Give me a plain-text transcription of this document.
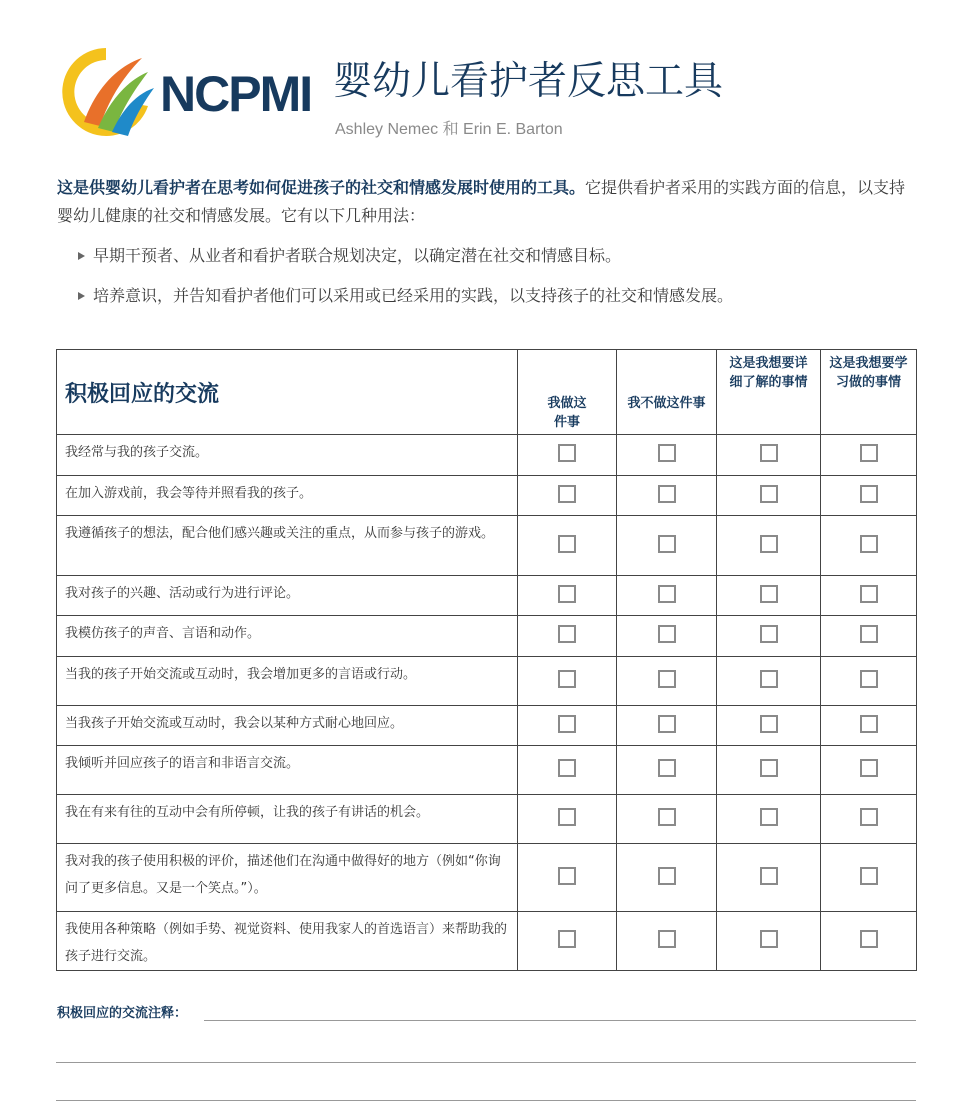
NCPMI 婴幼儿看护者反思工具
Ashley Nemec 和 Erin E. Barton
这是供婴幼儿看护者在思考如何促进孩子的社交和情感发展时使用的工具。它提供看护者采用的实践方面的信息，以支持婴幼儿健康的社交和情感发展。它有以下几种用法：
早期干预者、从业者和看护者联合规划决定，以确定潜在社交和情感目标。
培养意识，并告知看护者他们可以采用或已经采用的实践，以支持孩子的社交和情感发展。
积极回应的交流	我做这件事	我不做这件事	这是我想要详细了解的事情	这是我想要学习做的事情

我经常与我的孩子交流。				
在加入游戏前，我会等待并照看我的孩子。				
我遵循孩子的想法，配合他们感兴趣或关注的重点，从而参与孩子的游戏。				
我对孩子的兴趣、活动或行为进行评论。				
我模仿孩子的声音、言语和动作。				
当我的孩子开始交流或互动时，我会增加更多的言语或行动。				
当我孩子开始交流或互动时，我会以某种方式耐心地回应。				
我倾听并回应孩子的语言和非语言交流。				
我在有来有往的互动中会有所停顿，让我的孩子有讲话的机会。				
我对我的孩子使用积极的评价，描述他们在沟通中做得好的地方（例如“你询问了更多信息。又是一个笑点。”）。				
我使用各种策略（例如手势、视觉资料、使用我家人的首选语言）来帮助我的孩子进行交流。				
积极回应的交流注释：
